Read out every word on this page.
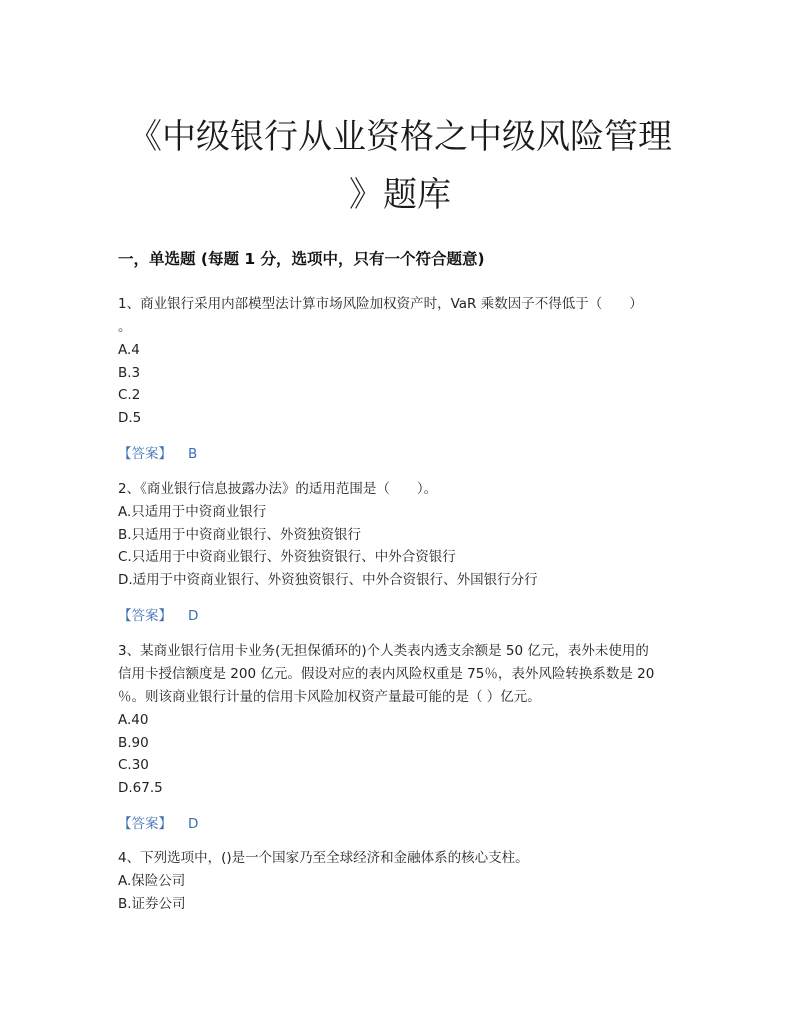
《中级银行从业资格之中级风险管理
》题库
一，单选题 (每题 1 分，选项中，只有一个符合题意)

1、商业银行采用内部模型法计算市场风险加权资产时，VaR 乘数因子不得低于（　　）

。

A.4

B.3

C.2

D.5

【答案】 B

2、《商业银行信息披露办法》的适用范围是（　　）。

A.只适用于中资商业银行

B.只适用于中资商业银行、外资独资银行

C.只适用于中资商业银行、外资独资银行、中外合资银行

D.适用于中资商业银行、外资独资银行、中外合资银行、外国银行分行

【答案】 D

3、某商业银行信用卡业务(无担保循环的)个人类表内透支余额是 50 亿元，表外未使用的

信用卡授信额度是 200 亿元。假设对应的表内风险权重是 75％，表外风险转换系数是 20

％。则该商业银行计量的信用卡风险加权资产量最可能的是（ ）亿元。

A.40

B.90

C.30

D.67.5

【答案】 D

4、下列选项中，()是一个国家乃至全球经济和金融体系的核心支柱。

A.保险公司

B.证券公司
